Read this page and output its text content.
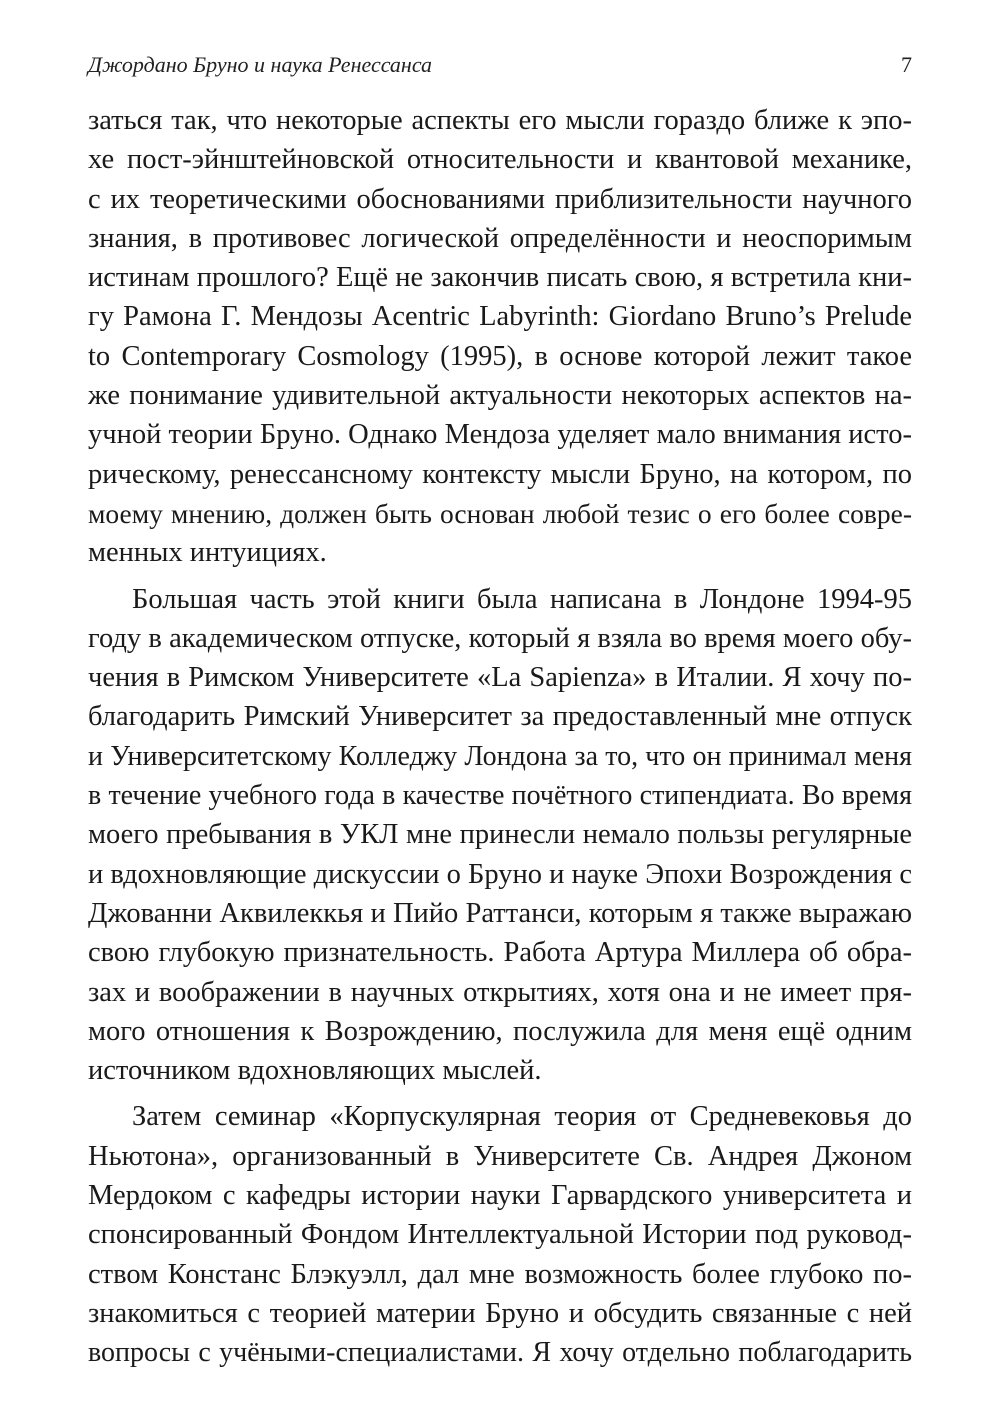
Джордано Бруно и наука Ренессанса	7

заться так, что некоторые аспекты его мысли гораздо ближе к эпо-
хе пост-эйнштейновской относительности и квантовой механике,
с их теоретическими обоснованиями приблизительности научного
знания, в противовес логической определённости и неоспоримым
истинам прошлого? Ещё не закончив писать свою, я встретила кни-
гу Рамона Г. Мендозы Acentric Labyrinth: Giordano Bruno’s Prelude
to Contemporary Cosmology (1995), в основе которой лежит такое
же понимание удивительной актуальности некоторых аспектов на-
учной теории Бруно. Однако Мендоза уделяет мало внимания исто-
рическому, ренессансному контексту мысли Бруно, на котором, по
моему мнению, должен быть основан любой тезис о его более совре-
менных интуициях.

Большая часть этой книги была написана в Лондоне 1994-95
году в академическом отпуске, который я взяла во время моего обу-
чения в Римском Университете «La Sapienza» в Италии. Я хочу по-
благодарить Римский Университет за предоставленный мне отпуск
и Университетскому Колледжу Лондона за то, что он принимал меня
в течение учебного года в качестве почётного стипендиата. Во время
моего пребывания в УКЛ мне принесли немало пользы регулярные
и вдохновляющие дискуссии о Бруно и науке Эпохи Возрождения с
Джованни Аквилеккья и Пийо Раттанси, которым я также выражаю
свою глубокую признательность. Работа Артура Миллера об обра-
зах и воображении в научных открытиях, хотя она и не имеет пря-
мого отношения к Возрождению, послужила для меня ещё одним
источником вдохновляющих мыслей.

Затем семинар «Корпускулярная теория от Средневековья до
Ньютона», организованный в Университете Св. Андрея Джоном
Мердоком с кафедры истории науки Гарвардского университета и
спонсированный Фондом Интеллектуальной Истории под руковод-
ством Констанс Блэкуэлл, дал мне возможность более глубоко по-
знакомиться с теорией материи Бруно и обсудить связанные с ней
вопросы с учёными-специалистами. Я хочу отдельно поблагодарить
